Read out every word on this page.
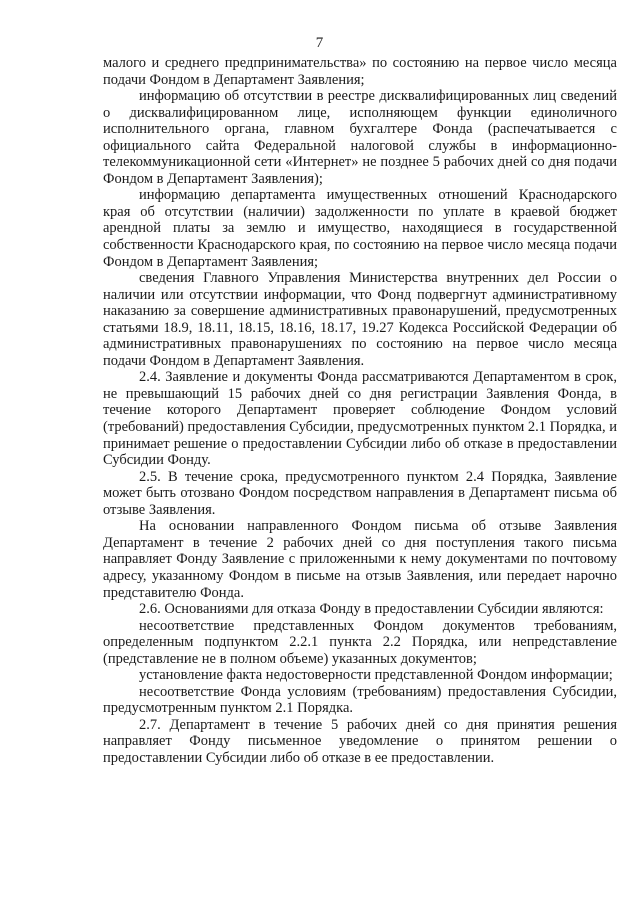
7

малого и среднего предпринимательства» по состоянию на первое число месяца подачи Фондом в Департамент Заявления;

информацию об отсутствии в реестре дисквалифицированных лиц сведений о дисквалифицированном лице, исполняющем функции единоличного исполнительного органа, главном бухгалтере Фонда (распечатывается с официального сайта Федеральной налоговой службы в информационно-телекоммуникационной сети «Интернет» не позднее 5 рабочих дней со дня подачи Фондом в Департамент Заявления);

информацию департамента имущественных отношений Краснодарского края об отсутствии (наличии) задолженности по уплате в краевой бюджет арендной платы за землю и имущество, находящиеся в государственной собственности Краснодарского края, по состоянию на первое число месяца подачи Фондом в Департамент Заявления;

сведения Главного Управления Министерства внутренних дел России о наличии или отсутствии информации, что Фонд подвергнут административному наказанию за совершение административных правонарушений, предусмотренных статьями 18.9, 18.11, 18.15, 18.16, 18.17, 19.27 Кодекса Российской Федерации об административных правонарушениях по состоянию на первое число месяца подачи Фондом в Департамент Заявления.

2.4. Заявление и документы Фонда рассматриваются Департаментом в срок, не превышающий 15 рабочих дней со дня регистрации Заявления Фонда, в течение которого Департамент проверяет соблюдение Фондом условий (требований) предоставления Субсидии, предусмотренных пунктом 2.1 Порядка, и принимает решение о предоставлении Субсидии либо об отказе в предоставлении Субсидии Фонду.

2.5. В течение срока, предусмотренного пунктом 2.4 Порядка, Заявление может быть отозвано Фондом посредством направления в Департамент письма об отзыве Заявления.

На основании направленного Фондом письма об отзыве Заявления Департамент в течение 2 рабочих дней со дня поступления такого письма направляет Фонду Заявление с приложенными к нему документами по почтовому адресу, указанному Фондом в письме на отзыв Заявления, или передает нарочно представителю Фонда.

2.6. Основаниями для отказа Фонду в предоставлении Субсидии являются:

несоответствие представленных Фондом документов требованиям, определенным подпунктом 2.2.1 пункта 2.2 Порядка, или непредставление (представление не в полном объеме) указанных документов;

установление факта недостоверности представленной Фондом информации;

несоответствие Фонда условиям (требованиям) предоставления Субсидии, предусмотренным пунктом 2.1 Порядка.

2.7. Департамент в течение 5 рабочих дней со дня принятия решения направляет Фонду письменное уведомление о принятом решении о предоставлении Субсидии либо об отказе в ее предоставлении.
